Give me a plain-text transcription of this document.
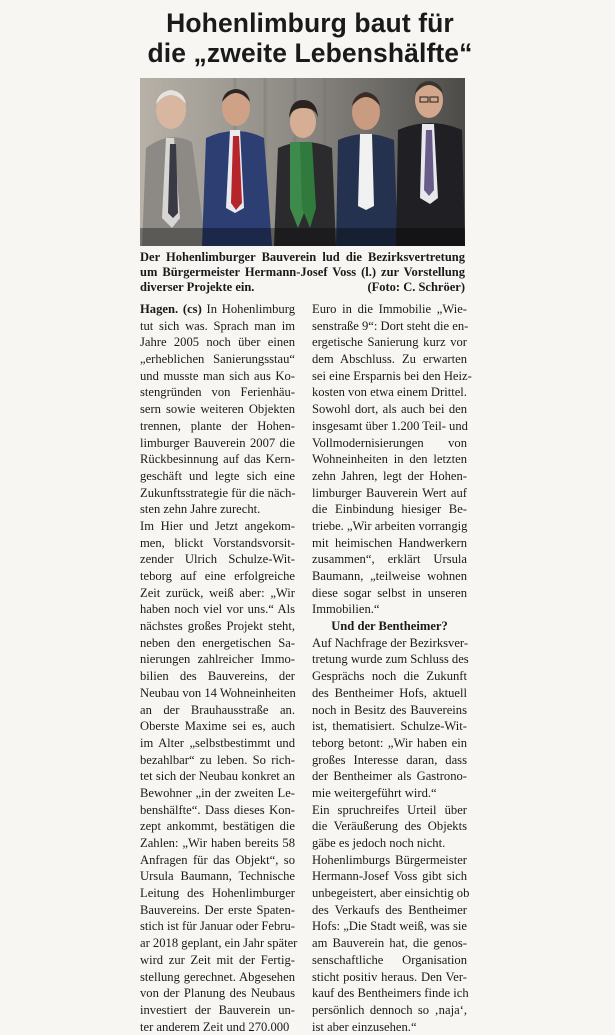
Hohenlimburg baut für
die „zweite Lebenshälfte“
Der Hohenlimburger Bauverein lud die Bezirksvertretung
um Bürgermeister Hermann-Josef Voss (l.) zur Vorstellung
diverser Projekte ein.	(Foto: C. Schröer)
Hagen. (cs) In Hohenlimburg
tut sich was. Sprach man im
Jahre 2005 noch über einen
„erheblichen Sanierungsstau“
und musste man sich aus Ko-
stengründen von Ferienhäu-
sern sowie weiteren Objekten
trennen, plante der Hohen-
limburger Bauverein 2007 die
Rückbesinnung auf das Kern-
geschäft und legte sich eine
Zukunftsstrategie für die näch-
sten zehn Jahre zurecht.
Im Hier und Jetzt angekom-
men, blickt Vorstandsvorsit-
zender Ulrich Schulze-Wit-
teborg auf eine erfolgreiche
Zeit zurück, weiß aber: „Wir
haben noch viel vor uns.“ Als
nächstes großes Projekt steht,
neben den energetischen Sa-
nierungen zahlreicher Immo-
bilien des Bauvereins, der
Neubau von 14 Wohneinheiten
an der Brauhausstraße an.
Oberste Maxime sei es, auch
im Alter „selbstbestimmt und
bezahlbar“ zu leben. So rich-
tet sich der Neubau konkret an
Bewohner „in der zweiten Le-
benshälfte“. Dass dieses Kon-
zept ankommt, bestätigen die
Zahlen: „Wir haben bereits 58
Anfragen für das Objekt“, so
Ursula Baumann, Technische
Leitung des Hohenlimburger
Bauvereins. Der erste Spaten-
stich ist für Januar oder Febru-
ar 2018 geplant, ein Jahr später
wird zur Zeit mit der Fertig-
stellung gerechnet. Abgesehen
von der Planung des Neubaus
investiert der Bauverein un-
ter anderem Zeit und 270.000
Euro in die Immobilie „Wie-
senstraße 9“: Dort steht die en-
ergetische Sanierung kurz vor
dem Abschluss. Zu erwarten
sei eine Ersparnis bei den Heiz-
kosten von etwa einem Drittel.
Sowohl dort, als auch bei den
insgesamt über 1.200 Teil- und
Vollmodernisierungen von
Wohneinheiten in den letzten
zehn Jahren, legt der Hohen-
limburger Bauverein Wert auf
die Einbindung hiesiger Be-
triebe. „Wir arbeiten vorrangig
mit heimischen Handwerkern
zusammen“, erklärt Ursula
Baumann, „teilweise wohnen
diese sogar selbst in unseren
Immobilien.“
Und der Bentheimer?
Auf Nachfrage der Bezirksver-
tretung wurde zum Schluss des
Gesprächs noch die Zukunft
des Bentheimer Hofs, aktuell
noch in Besitz des Bauvereins
ist, thematisiert. Schulze-Wit-
teborg betont: „Wir haben ein
großes Interesse daran, dass
der Bentheimer als Gastrono-
mie weitergeführt wird.“
Ein spruchreifes Urteil über
die Veräußerung des Objekts
gäbe es jedoch noch nicht.
Hohenlimburgs Bürgermeister
Hermann-Josef Voss gibt sich
unbegeistert, aber einsichtig ob
des Verkaufs des Bentheimer
Hofs: „Die Stadt weiß, was sie
am Bauverein hat, die genos-
senschaftliche Organisation
sticht positiv heraus. Den Ver-
kauf des Bentheimers finde ich
persönlich dennoch so ‚naja‘,
ist aber einzusehen.“
